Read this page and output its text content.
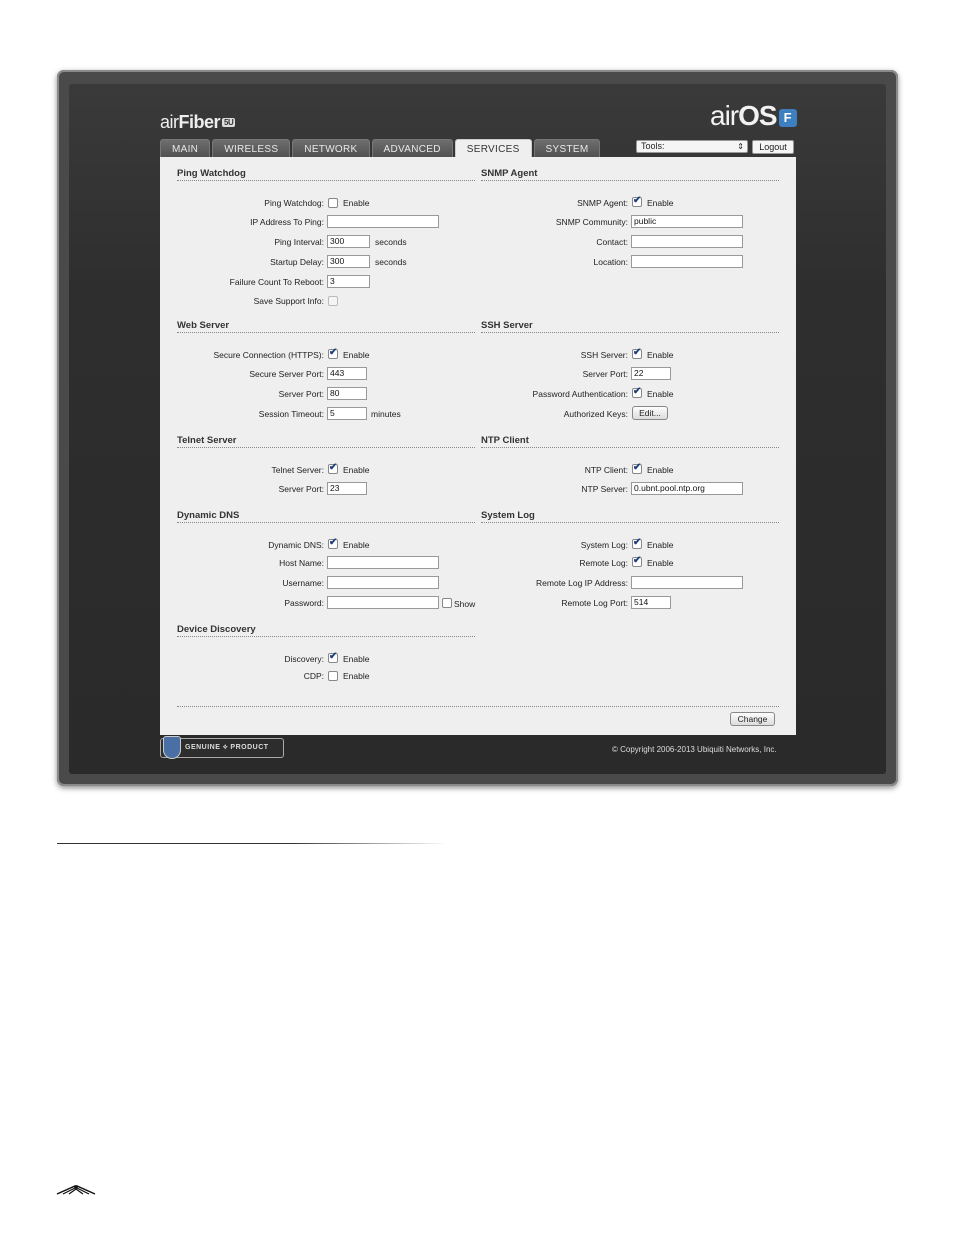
airFiber 5U	airOS F
MAIN	WIRELESS	NETWORK	ADVANCED	SERVICES	SYSTEM	Tools:	⇕	Logout
Ping Watchdog
Ping Watchdog: Enable
IP Address To Ping:
Ping Interval: 300	seconds
Startup Delay: 300	seconds
Failure Count To Reboot: 3
Save Support Info:
SNMP Agent
SNMP Agent: ✔ Enable
SNMP Community: public
Contact:
Location:
Web Server
Secure Connection (HTTPS): ✔ Enable
Secure Server Port: 443
Server Port: 80
Session Timeout: 5	minutes
SSH Server
SSH Server: ✔ Enable
Server Port: 22
Password Authentication: ✔ Enable
Authorized Keys:	Edit...
Telnet Server
Telnet Server: ✔ Enable
Server Port: 23
NTP Client
NTP Client: ✔ Enable
NTP Server: 0.ubnt.pool.ntp.org
Dynamic DNS
Dynamic DNS: ✔ Enable
Host Name:
Username:
Password:	Show
System Log
System Log: ✔ Enable
Remote Log: ✔ Enable
Remote Log IP Address:
Remote Log Port: 514
Device Discovery
Discovery: ✔ Enable
CDP: Enable
Change
GENUINE ⟡ PRODUCT	© Copyright 2006-2013 Ubiquiti Networks, Inc.
